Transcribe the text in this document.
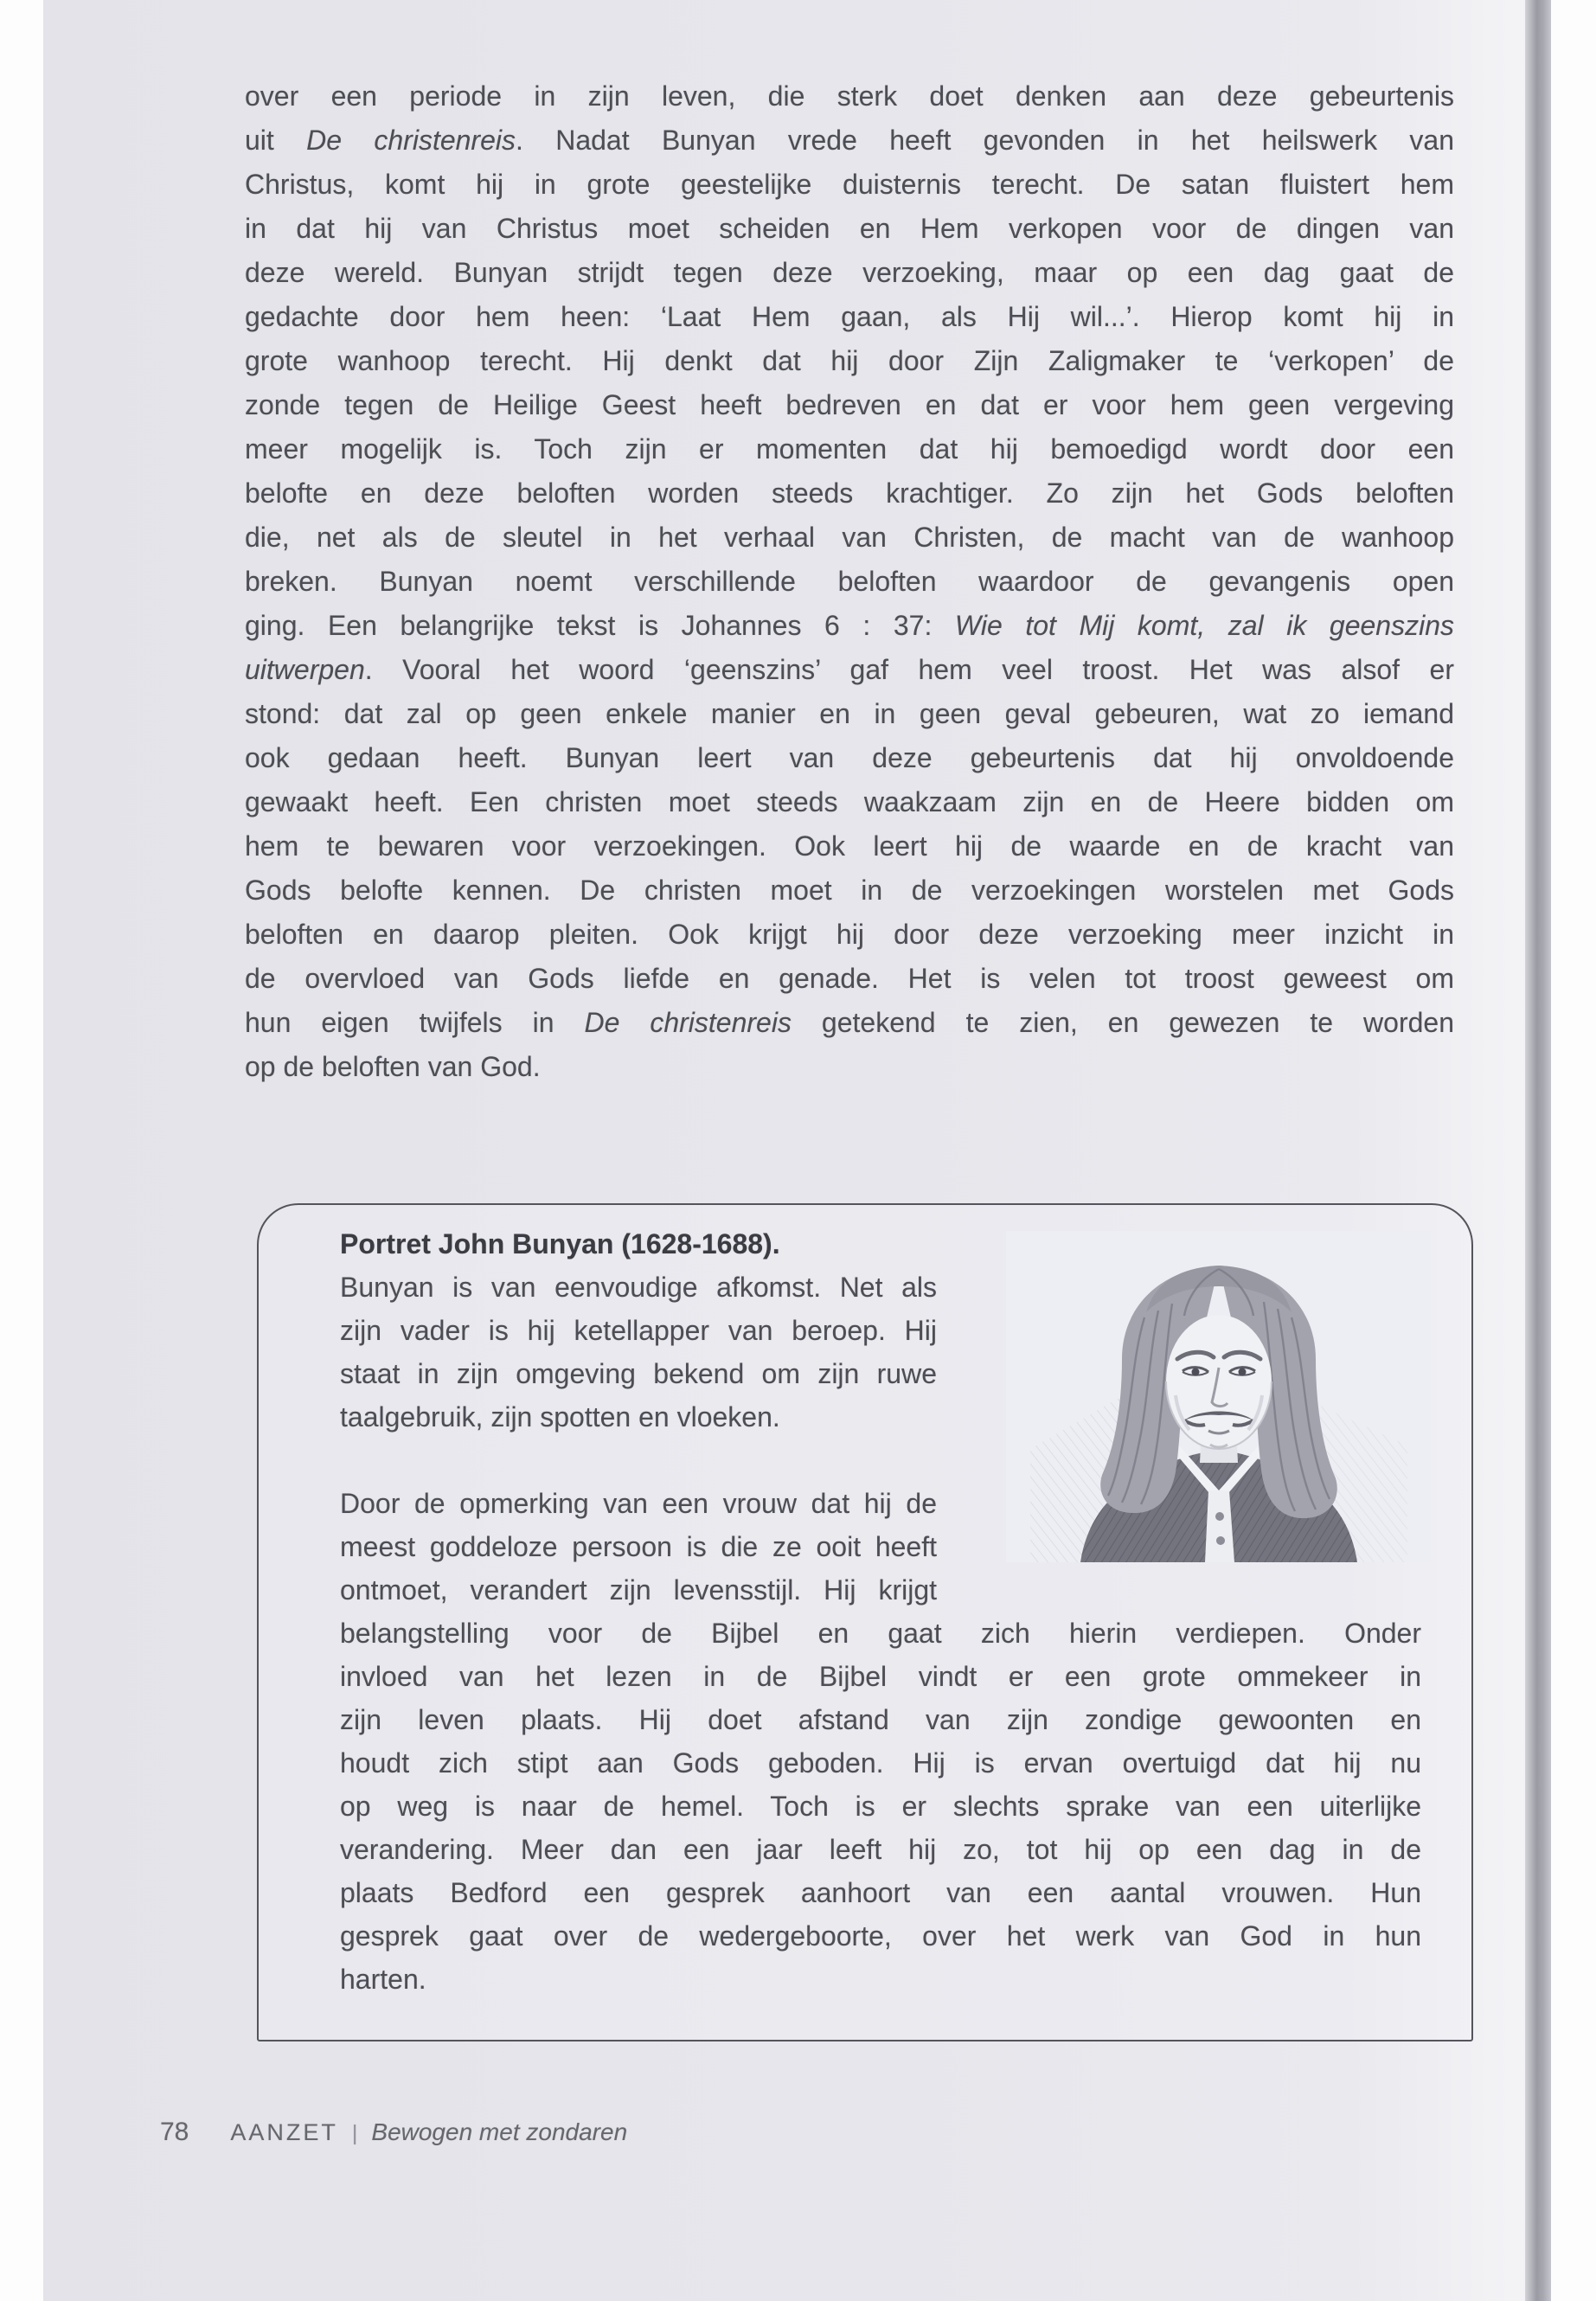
over een periode in zijn leven, die sterk doet denken aan deze gebeurtenis
uit De christenreis. Nadat Bunyan vrede heeft gevonden in het heilswerk van
Christus, komt hij in grote geestelijke duisternis terecht. De satan fluistert hem
in dat hij van Christus moet scheiden en Hem verkopen voor de dingen van
deze wereld. Bunyan strijdt tegen deze verzoeking, maar op een dag gaat de
gedachte door hem heen: ‘Laat Hem gaan, als Hij wil...’. Hierop komt hij in
grote wanhoop terecht. Hij denkt dat hij door Zijn Zaligmaker te ‘verkopen’ de
zonde tegen de Heilige Geest heeft bedreven en dat er voor hem geen vergeving
meer mogelijk is. Toch zijn er momenten dat hij bemoedigd wordt door een
belofte en deze beloften worden steeds krachtiger. Zo zijn het Gods beloften
die, net als de sleutel in het verhaal van Christen, de macht van de wanhoop
breken. Bunyan noemt verschillende beloften waardoor de gevangenis open
ging. Een belangrijke tekst is Johannes 6 : 37: Wie tot Mij komt, zal ik geenszins
uitwerpen. Vooral het woord ‘geenszins’ gaf hem veel troost. Het was alsof er
stond: dat zal op geen enkele manier en in geen geval gebeuren, wat zo iemand
ook gedaan heeft. Bunyan leert van deze gebeurtenis dat hij onvoldoende
gewaakt heeft. Een christen moet steeds waakzaam zijn en de Heere bidden om
hem te bewaren voor verzoekingen. Ook leert hij de waarde en de kracht van
Gods belofte kennen. De christen moet in de verzoekingen worstelen met Gods
beloften en daarop pleiten. Ook krijgt hij door deze verzoeking meer inzicht in
de overvloed van Gods liefde en genade. Het is velen tot troost geweest om
hun eigen twijfels in De christenreis getekend te zien, en gewezen te worden
op de beloften van God.
Portret John Bunyan (1628-1688).
Bunyan is van eenvoudige afkomst. Net als
zijn vader is hij ketellapper van beroep. Hij
staat in zijn omgeving bekend om zijn ruwe
taalgebruik, zijn spotten en vloeken.

Door de opmerking van een vrouw dat hij de
meest goddeloze persoon is die ze ooit heeft
ontmoet, verandert zijn levensstijl. Hij krijgt
belangstelling voor de Bijbel en gaat zich hierin verdiepen. Onder
invloed van het lezen in de Bijbel vindt er een grote ommekeer in
zijn leven plaats. Hij doet afstand van zijn zondige gewoonten en
houdt zich stipt aan Gods geboden. Hij is ervan overtuigd dat hij nu
op weg is naar de hemel. Toch is er slechts sprake van een uiterlijke
verandering. Meer dan een jaar leeft hij zo, tot hij op een dag in de
plaats Bedford een gesprek aanhoort van een aantal vrouwen. Hun
gesprek gaat over de wedergeboorte, over het werk van God in hun
harten.
78 AANZET | Bewogen met zondaren
